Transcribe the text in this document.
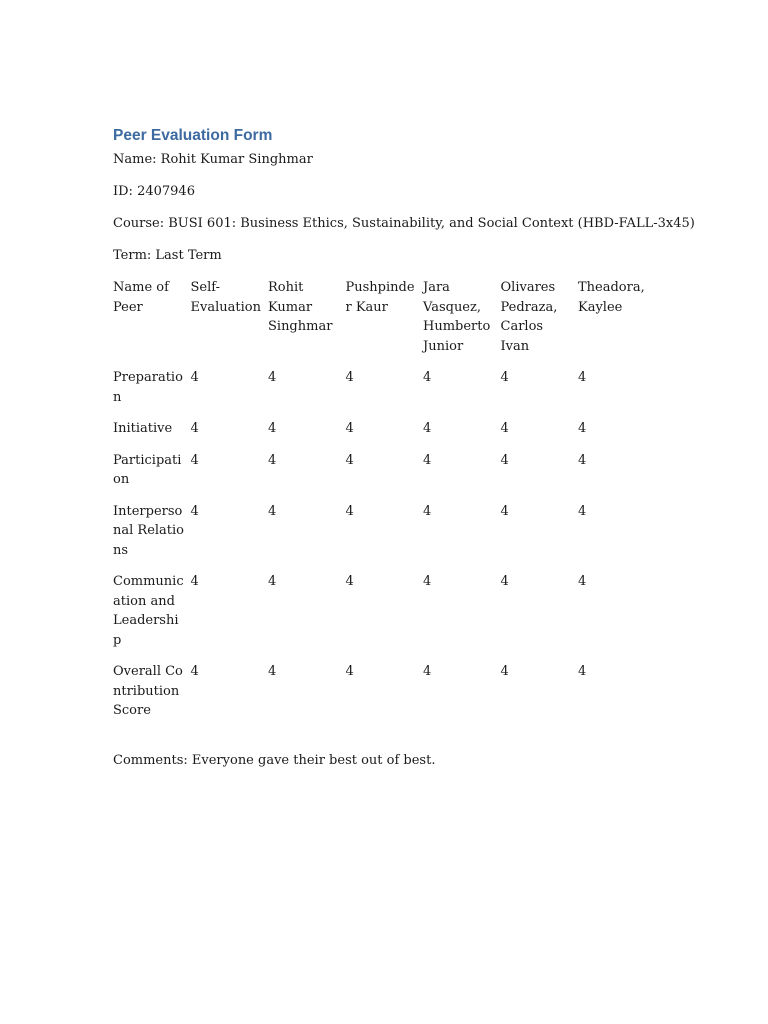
Peer Evaluation Form
Name: Rohit Kumar Singhmar
ID: 2407946
Course: BUSI 601: Business Ethics, Sustainability, and Social Context (HBD-FALL-3x45)
Term: Last Term
Name of Peer	Self-Evaluation	Rohit Kumar Singhmar	Pushpinder Kaur	Jara Vasquez, Humberto Junior	Olivares Pedraza, Carlos Ivan	Theadora, Kaylee
Preparation	4	4	4	4	4	4
Initiative	4	4	4	4	4	4
Participation	4	4	4	4	4	4
Interpersonal Relations	4	4	4	4	4	4
Communication and Leadership	4	4	4	4	4	4
Overall Contribution Score	4	4	4	4	4	4
Comments: Everyone gave their best out of best.
